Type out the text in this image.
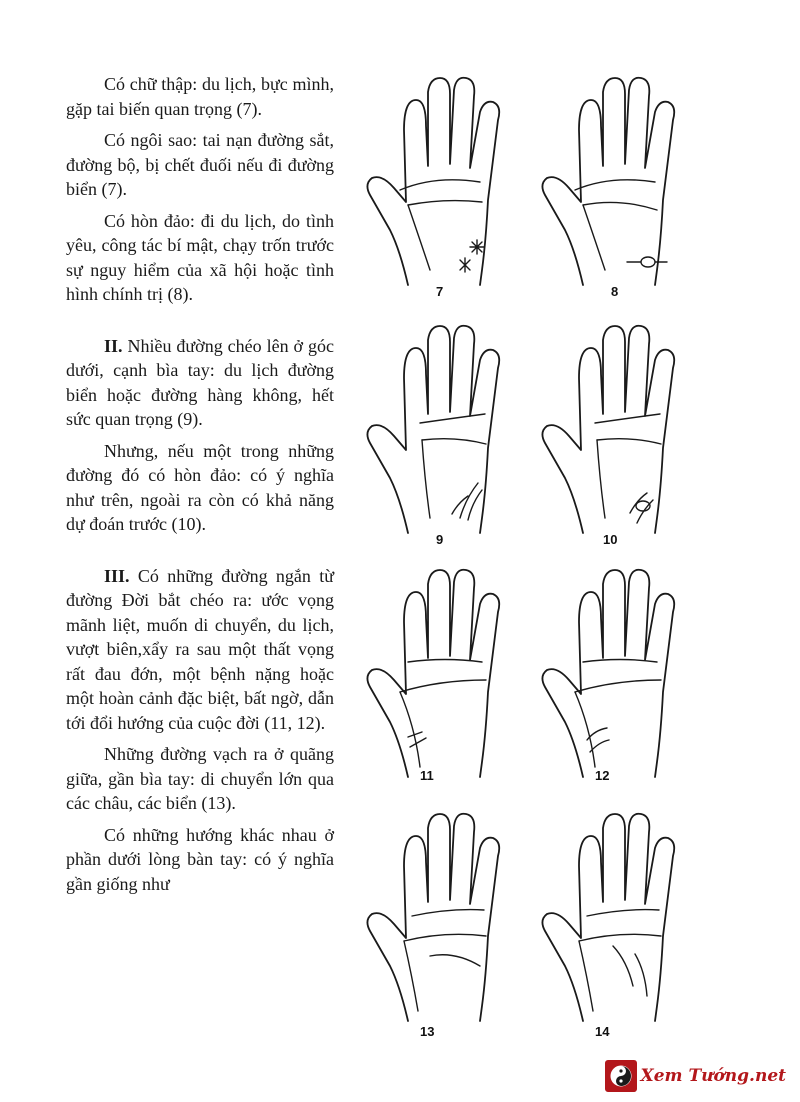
Có chữ thập: du lịch, bực mình, gặp tai biến quan trọng (7).

Có ngôi sao: tai nạn đường sắt, đường bộ, bị chết đuối nếu đi đường biển (7).

Có hòn đảo: đi du lịch, do tình yêu, công tác bí mật, chạy trốn trước sự nguy hiểm của xã hội hoặc tình hình chính trị (8).

II. Nhiều đường chéo lên ở góc dưới, cạnh bìa tay: du lịch đường biển hoặc đường hàng không, hết sức quan trọng (9).

Nhưng, nếu một trong những đường đó có hòn đảo: có ý nghĩa như trên, ngoài ra còn có khả năng dự đoán trước (10).

III. Có những đường ngắn từ đường Đời bắt chéo ra: ước vọng mãnh liệt, muốn di chuyển, du lịch, vượt biên,xẩy ra sau một thất vọng rất đau đớn, một bệnh nặng hoặc một hoàn cảnh đặc biệt, bất ngờ, dẫn tới đổi hướng của cuộc đời (11, 12).

Những đường vạch ra ở quãng giữa, gần bìa tay: di chuyển lớn qua các châu, các biển (13).

Có những hướng khác nhau ở phần dưới lòng bàn tay: có ý nghĩa gần giống như

7	8
9	10
11	12
13	14
Xem Tướng.net
